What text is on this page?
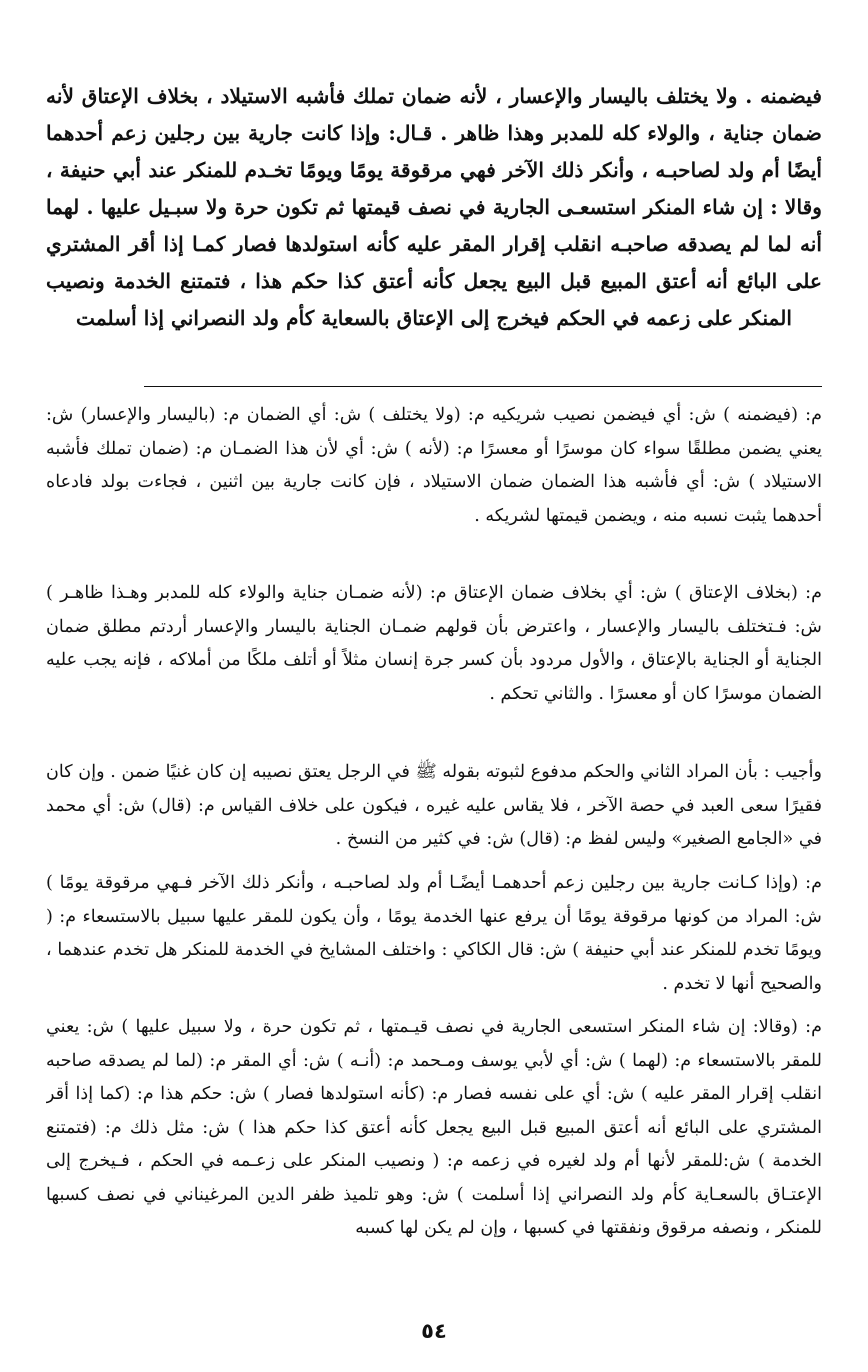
فيضمنه . ولا يختلف باليسار والإعسار ، لأنه ضمان تملك فأشبه الاستيلاد ، بخلاف الإعتاق لأنه ضمان جناية ، والولاء كله للمدبر وهذا ظاهر . قـال: وإذا كانت جارية بين رجلين زعم أحدهما أيضًا أم ولد لصاحبـه ، وأنكر ذلك الآخر فهي مرقوقة يومًا ويومًا تخـدم للمنكر عند أبي حنيفة ، وقالا : إن شاء المنكر استسعـى الجارية في نصف قيمتها ثم تكون حرة ولا سبـيل عليها . لهما أنه لما لم يصدقه صاحبـه انقلب إقرار المقر عليه كأنه استولدها فصار كمـا إذا أقر المشتري على البائع أنه أعتق المبيع قبل البيع يجعل كأنه أعتق كذا حكم هذا ، فتمتنع الخدمة ونصيب المنكر على زعمه في الحكم فيخرج إلى الإعتاق بالسعاية كأم ولد النصراني إذا أسلمت

م: (فيضمنه ) ش: أي فيضمن نصيب شريكيه م: (ولا يختلف ) ش: أي الضمان م: (باليسار والإعسار) ش: يعني يضمن مطلقًا سواء كان موسرًا أو معسرًا م: (لأنه ) ش: أي لأن هذا الضمـان م: (ضمان تملك فأشبه الاستيلاد ) ش: أي فأشبه هذا الضمان ضمان الاستيلاد ، فإن كانت جارية بين اثنين ، فجاءت بولد فادعاه أحدهما يثبت نسبه منه ، ويضمن قيمتها لشريكه .

م: (بخلاف الإعتاق ) ش: أي بخلاف ضمان الإعتاق م: (لأنه ضمـان جناية والولاء كله للمدبر وهـذا ظاهـر ) ش: فـتختلف باليسار والإعسار ، واعترض بأن قولهم ضمـان الجناية باليسار والإعسار أردتم مطلق ضمان الجناية أو الجناية بالإعتاق ، والأول مردود بأن كسر جرة إنسان مثلاً أو أتلف ملكًا من أملاكه ، فإنه يجب عليه الضمان موسرًا كان أو معسرًا . والثاني تحكم .

وأجيب : بأن المراد الثاني والحكم مدفوع لثبوته بقوله ﷺ في الرجل يعتق نصيبه إن كان غنيًا ضمن . وإن كان فقيرًا سعى العبد في حصة الآخر ، فلا يقاس عليه غيره ، فيكون على خلاف القياس م: (قال) ش: أي محمد في «الجامع الصغير» وليس لفظ م: (قال) ش: في كثير من النسخ .

م: (وإذا كـانت جارية بين رجلين زعم أحدهمـا أيضًـا أم ولد لصاحبـه ، وأنكر ذلك الآخر فـهي مرقوقة يومًا ) ش: المراد من كونها مرقوقة يومًا أن يرفع عنها الخدمة يومًا ، وأن يكون للمقر عليها سبيل بالاستسعاء م: ( ويومًا تخدم للمنكر عند أبي حنيفة ) ش: قال الكاكي : واختلف المشايخ في الخدمة للمنكر هل تخدم عندهما ، والصحيح أنها لا تخدم .

م: (وقالا: إن شاء المنكر استسعى الجارية في نصف قيـمتها ، ثم تكون حرة ، ولا سبيل عليها ) ش: يعني للمقر بالاستسعاء م: (لهما ) ش: أي لأبي يوسف ومـحمد م: (أنـه ) ش: أي المقر م: (لما لم يصدقه صاحبه انقلب إقرار المقر عليه ) ش: أي على نفسه فصار م: (كأنه استولدها فصار ) ش: حكم هذا م: (كما إذا أقر المشتري على البائع أنه أعتق المبيع قبل البيع يجعل كأنه أعتق كذا حكم هذا ) ش: مثل ذلك م: (فتمتنع الخدمة ) ش:للمقر لأنها أم ولد لغيره في زعمه م: ( ونصيب المنكر على زعـمه في الحكم ، فـيخرج إلى الإعتـاق بالسعـاية كأم ولد النصراني إذا أسلمت ) ش: وهو تلميذ ظفر الدين المرغيناني في نصف كسبها للمنكر ، ونصفه مرقوق ونفقتها في كسبها ، وإن لم يكن لها كسبه

٥٤
